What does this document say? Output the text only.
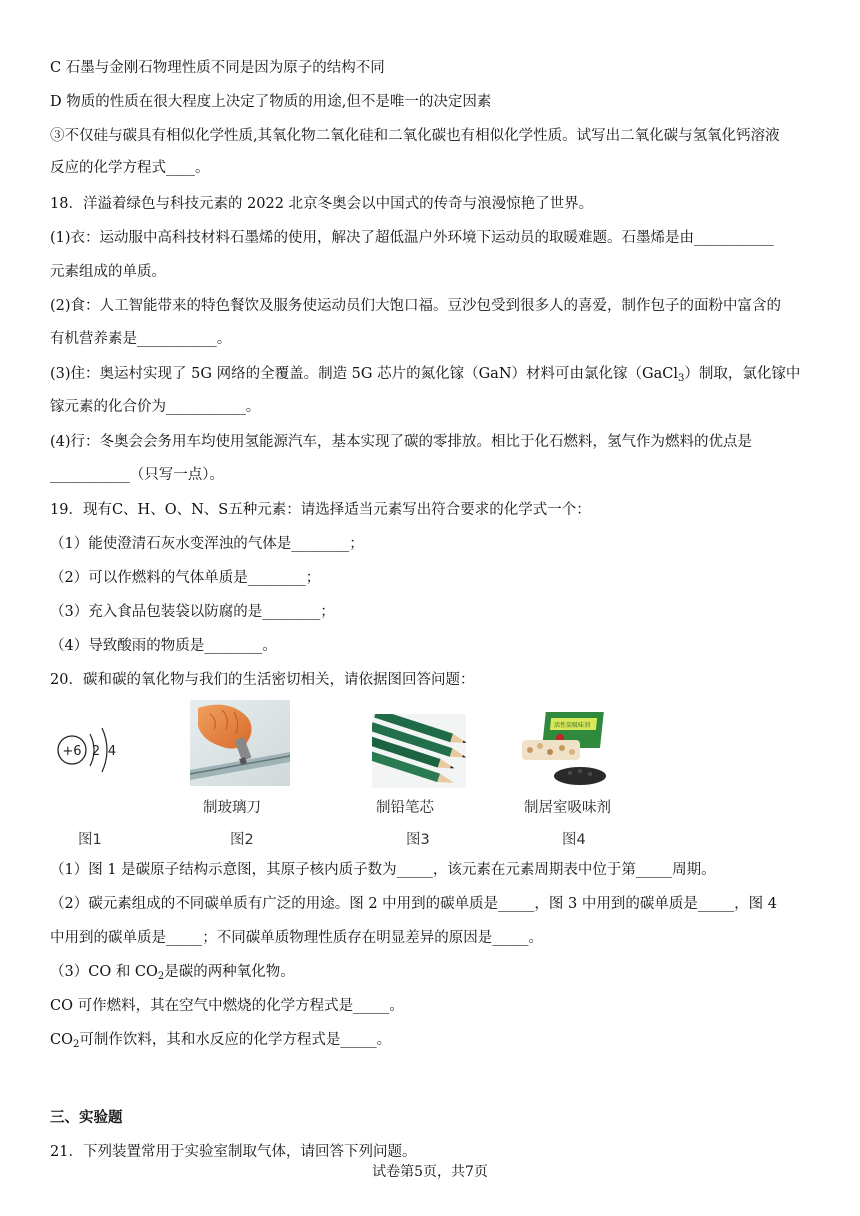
C 石墨与金刚石物理性质不同是因为原子的结构不同
D 物质的性质在很大程度上决定了物质的用途,但不是唯一的决定因素
③不仅硅与碳具有相似化学性质,其氧化物二氧化硅和二氧化碳也有相似化学性质。试写出二氧化碳与氢氧化钙溶液
反应的化学方程式____。
18．洋溢着绿色与科技元素的 2022 北京冬奥会以中国式的传奇与浪漫惊艳了世界。
(1)衣：运动服中高科技材料石墨烯的使用，解决了超低温户外环境下运动员的取暖难题。石墨烯是由___________
元素组成的单质。
(2)食：人工智能带来的特色餐饮及服务使运动员们大饱口福。豆沙包受到很多人的喜爱，制作包子的面粉中富含的
有机营养素是___________。
(3)住：奥运村实现了 5G 网络的全覆盖。制造 5G 芯片的氮化镓（GaN）材料可由氯化镓（GaCl$_3$）制取，氯化镓中
镓元素的化合价为___________。
(4)行：冬奥会会务用车均使用氢能源汽车，基本实现了碳的零排放。相比于化石燃料，氢气作为燃料的优点是
___________（只写一点）。
19．现有C、H、O、N、S五种元素：请选择适当元素写出符合要求的化学式一个：
（1）能使澄清石灰水变浑浊的气体是________；
（2）可以作燃料的气体单质是________；
（3）充入食品包装袋以防腐的是________；
（4）导致酸雨的物质是________。
20．碳和碳的氧化物与我们的生活密切相关，请依据图回答问题：
+6 2 4
活性炭吸味剂
制玻璃刀	制铅笔芯	制居室吸味剂
图1	图2	图3	图4
（1）图 1 是碳原子结构示意图，其原子核内质子数为_____，该元素在元素周期表中位于第_____周期。
（2）碳元素组成的不同碳单质有广泛的用途。图 2 中用到的碳单质是_____，图 3 中用到的碳单质是_____，图 4
中用到的碳单质是_____；不同碳单质物理性质存在明显差异的原因是_____。
（3）CO 和 $CO_2$是碳的两种氧化物。
CO 可作燃料，其在空气中燃烧的化学方程式是_____。
$CO_2$可制作饮料，其和水反应的化学方程式是_____。
三、实验题
21．下列装置常用于实验室制取气体，请回答下列问题。
试卷第5页，共7页
